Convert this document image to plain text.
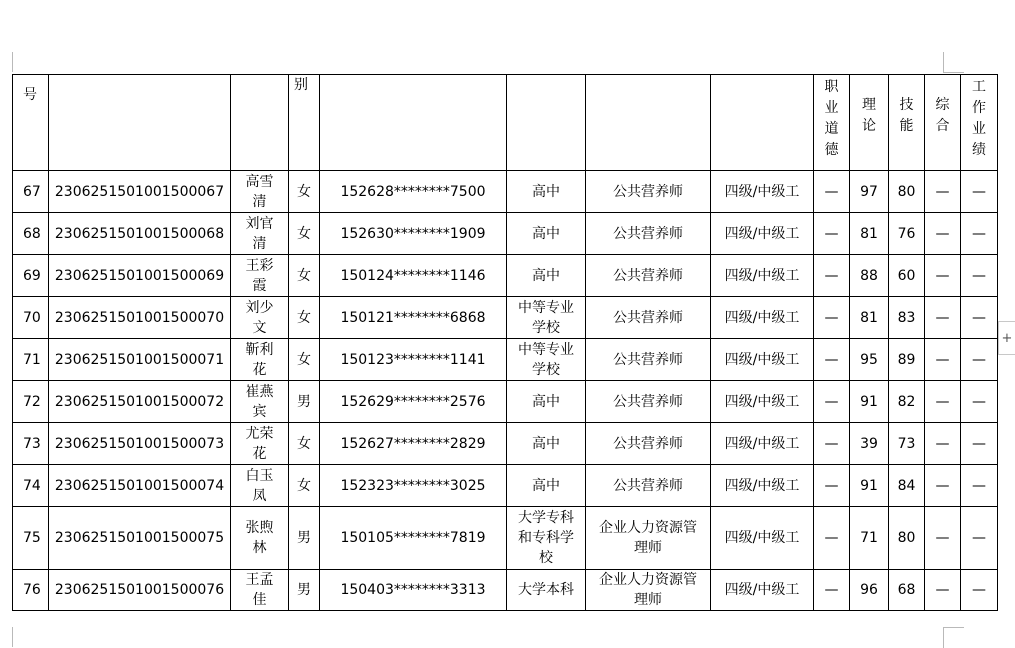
+
号			别					职业道德	理论	技能	综合	工作业绩
67	2306251501001500067	高雪清	女	152628********7500	高中	公共营养师	四级/中级工	—	97	80	—	—
68	2306251501001500068	刘官清	女	152630********1909	高中	公共营养师	四级/中级工	—	81	76	—	—
69	2306251501001500069	王彩霞	女	150124********1146	高中	公共营养师	四级/中级工	—	88	60	—	—
70	2306251501001500070	刘少文	女	150121********6868	中等专业学校	公共营养师	四级/中级工	—	81	83	—	—
71	2306251501001500071	靳利花	女	150123********1141	中等专业学校	公共营养师	四级/中级工	—	95	89	—	—
72	2306251501001500072	崔燕宾	男	152629********2576	高中	公共营养师	四级/中级工	—	91	82	—	—
73	2306251501001500073	尤荣花	女	152627********2829	高中	公共营养师	四级/中级工	—	39	73	—	—
74	2306251501001500074	白玉凤	女	152323********3025	高中	公共营养师	四级/中级工	—	91	84	—	—
75	2306251501001500075	张煦林	男	150105********7819	大学专科和专科学校	企业人力资源管理师	四级/中级工	—	71	80	—	—
76	2306251501001500076	王孟佳	男	150403********3313	大学本科	企业人力资源管理师	四级/中级工	—	96	68	—	—
